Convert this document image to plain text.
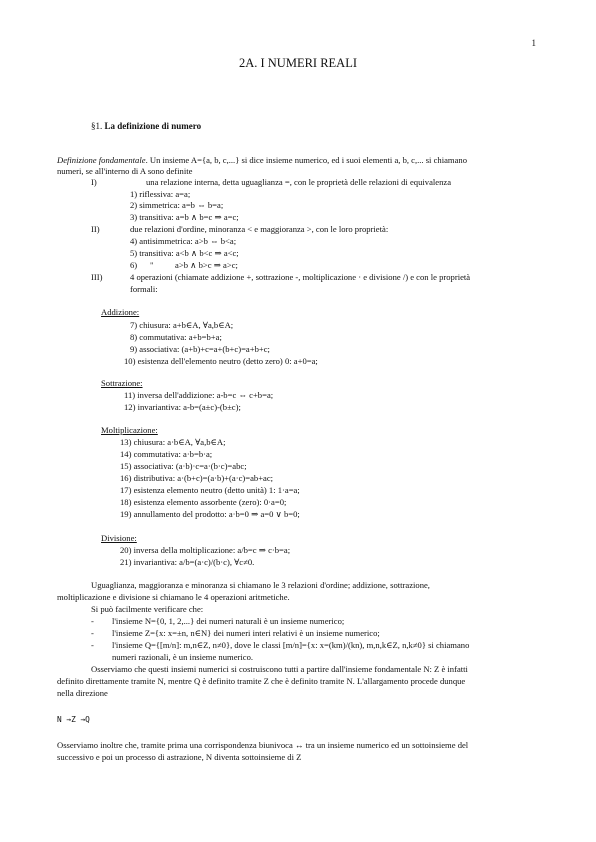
1
2A. I NUMERI REALI
§1. La definizione di numero
Definizione fondamentale. Un insieme A={a, b, c,...} si dice insieme numerico, ed i suoi elementi a, b, c,... si chiamano
numeri, se all'interno di A sono definite
I)	una relazione interna, detta uguaglianza =, con le proprietà delle relazioni di equivalenza
1) riflessiva: a=a;
2) simmetrica: a=b ⇔ b=a;
3) transitiva: a=b ∧ b=c ⇒ a=c;
II)	due relazioni d'ordine, minoranza < e maggioranza >, con le loro proprietà:
4) antisimmetrica: a>b ⇔ b<a;
5) transitiva: a<b ∧ b<c ⇒ a<c;
6)      "          a>b ∧ b>c ⇒ a>c;
III)	4 operazioni (chiamate addizione +, sottrazione -, moltiplicazione · e divisione /) e con le proprietà
formali:
Addizione:
7) chiusura: a+b∈A, ∀a,b∈A;
8) commutativa: a+b=b+a;
9) associativa: (a+b)+c=a+(b+c)=a+b+c;
10) esistenza dell'elemento neutro (detto zero) 0: a+0=a;
Sottrazione:
11) inversa dell'addizione: a-b=c ⇔ c+b=a;
12) invariantiva: a-b=(a±c)-(b±c);
Moltiplicazione:
13) chiusura: a·b∈A, ∀a,b∈A;
14) commutativa: a·b=b·a;
15) associativa: (a·b)·c=a·(b·c)=abc;
16) distributiva: a·(b+c)=(a·b)+(a·c)=ab+ac;
17) esistenza elemento neutro (detto unità) 1: 1·a=a;
18) esistenza elemento assorbente (zero): 0·a=0;
19) annullamento del prodotto: a·b=0 ⇒ a=0 ∨ b=0;
Divisione:
20) inversa della moltiplicazione: a/b=c ⇒ c·b=a;
21) invariantiva: a/b=(a·c)/(b·c), ∀c≠0.
Uguaglianza, maggioranza e minoranza si chiamano le 3 relazioni d'ordine; addizione, sottrazione,
moltiplicazione e divisione si chiamano le 4 operazioni aritmetiche.
Si può facilmente verificare che:
- l'insieme N={0, 1, 2,...} dei numeri naturali è un insieme numerico;
- l'insieme Z={x: x=±n, n∈N} dei numeri interi relativi è un insieme numerico;
- l'insieme Q={[m/n]: m,n∈Z, n≠0}, dove le classi [m/n]={x: x=(km)/(kn), m,n,k∈Z, n,k≠0} si chiamano
numeri razionali, è un insieme numerico.
Osserviamo che questi insiemi numerici si costruiscono tutti a partire dall'insieme fondamentale N: Z è infatti
definito direttamente tramite N, mentre Q è definito tramite Z che è definito tramite N. L'allargamento procede dunque
nella direzione
N →Z →Q
Osserviamo inoltre che, tramite prima una corrispondenza biunivoca ↔ tra un insieme numerico ed un sottoinsieme del
successivo e poi un processo di astrazione, N diventa sottoinsieme di Z
